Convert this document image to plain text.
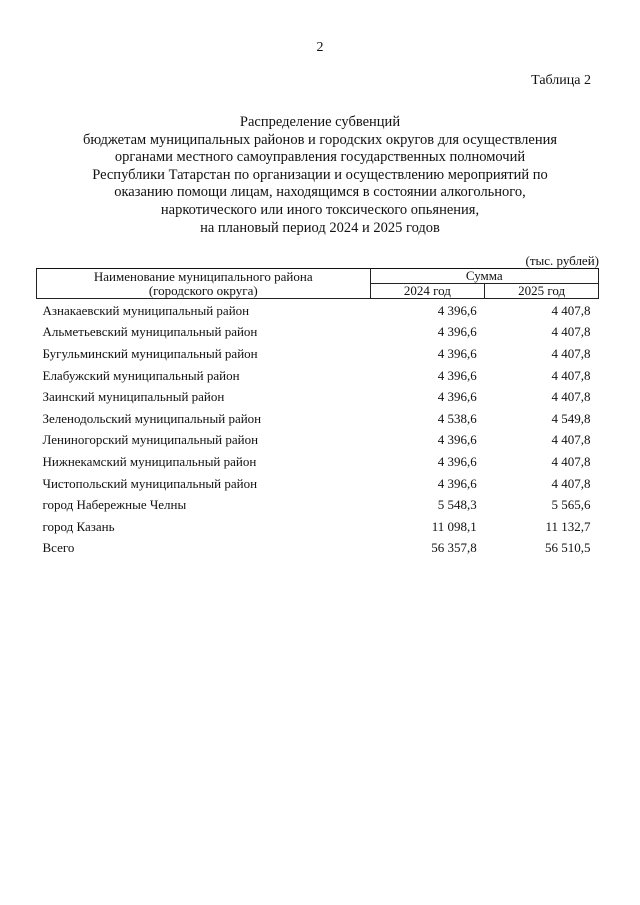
2
Таблица 2
Распределение субвенций
бюджетам муниципальных районов и городских округов для осуществления
органами местного самоуправления государственных полномочий
Республики Татарстан по организации и осуществлению мероприятий по
оказанию помощи лицам, находящимся в состоянии алкогольного,
наркотического или иного токсического опьянения,
на плановый период 2024 и 2025 годов
(тыс. рублей)
Наименование муниципального района
(городского округа)	Сумма	
	2024 год	2025 год
Азнакаевский муниципальный район	4 396,6	4 407,8
Альметьевский муниципальный район	4 396,6	4 407,8
Бугульминский муниципальный район	4 396,6	4 407,8
Елабужский муниципальный район	4 396,6	4 407,8
Заинский муниципальный район	4 396,6	4 407,8
Зеленодольский муниципальный район	4 538,6	4 549,8
Лениногорский муниципальный район	4 396,6	4 407,8
Нижнекамский муниципальный район	4 396,6	4 407,8
Чистопольский муниципальный район	4 396,6	4 407,8
город Набережные Челны	5 548,3	5 565,6
город Казань	11 098,1	11 132,7
Всего	56 357,8	56 510,5
